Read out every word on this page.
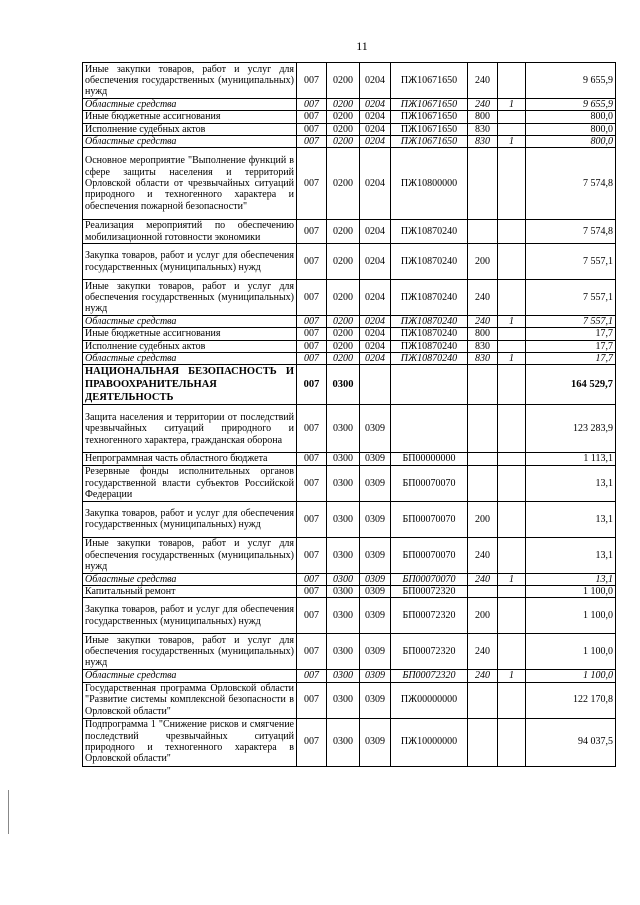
11
Иные закупки товаров, работ и услуг для обеспечения государственных (муниципальных) нужд	007	0200	0204	ПЖ10671650	240		9 655,9
Областные средства	007	0200	0204	ПЖ10671650	240	1	9 655,9
Иные бюджетные ассигнования	007	0200	0204	ПЖ10671650	800		800,0
Исполнение судебных актов	007	0200	0204	ПЖ10671650	830		800,0
Областные средства	007	0200	0204	ПЖ10671650	830	1	800,0
Основное мероприятие "Выполнение функций в сфере защиты населения и территорий Орловской области от чрезвычайных ситуаций природного и техногенного характера и обеспечения пожарной безопасности"	007	0200	0204	ПЖ10800000			7 574,8
Реализация мероприятий по обеспечению мобилизационной готовности экономики	007	0200	0204	ПЖ10870240			7 574,8
Закупка товаров, работ и услуг для обеспечения государственных (муниципальных) нужд	007	0200	0204	ПЖ10870240	200		7 557,1
Иные закупки товаров, работ и услуг для обеспечения государственных (муниципальных) нужд	007	0200	0204	ПЖ10870240	240		7 557,1
Областные средства	007	0200	0204	ПЖ10870240	240	1	7 557,1
Иные бюджетные ассигнования	007	0200	0204	ПЖ10870240	800		17,7
Исполнение судебных актов	007	0200	0204	ПЖ10870240	830		17,7
Областные средства	007	0200	0204	ПЖ10870240	830	1	17,7
НАЦИОНАЛЬНАЯ БЕЗОПАСНОСТЬ И ПРАВООХРАНИТЕЛЬНАЯ ДЕЯТЕЛЬНОСТЬ	007	0300					164 529,7
Защита населения и территории от последствий чрезвычайных ситуаций природного и техногенного характера, гражданская оборона	007	0300	0309				123 283,9
Непрограммная часть областного бюджета	007	0300	0309	БП00000000			1 113,1
Резервные фонды исполнительных органов государственной власти субъектов Российской Федерации	007	0300	0309	БП00070070			13,1
Закупка товаров, работ и услуг для обеспечения государственных (муниципальных) нужд	007	0300	0309	БП00070070	200		13,1
Иные закупки товаров, работ и услуг для обеспечения государственных (муниципальных) нужд	007	0300	0309	БП00070070	240		13,1
Областные средства	007	0300	0309	БП00070070	240	1	13,1
Капитальный ремонт	007	0300	0309	БП00072320			1 100,0
Закупка товаров, работ и услуг для обеспечения государственных (муниципальных) нужд	007	0300	0309	БП00072320	200		1 100,0
Иные закупки товаров, работ и услуг для обеспечения государственных (муниципальных) нужд	007	0300	0309	БП00072320	240		1 100,0
Областные средства	007	0300	0309	БП00072320	240	1	1 100,0
Государственная программа Орловской области "Развитие системы комплексной безопасности в Орловской области"	007	0300	0309	ПЖ00000000			122 170,8
Подпрограмма 1 "Снижение рисков и смягчение последствий чрезвычайных ситуаций природного и техногенного характера в Орловской области"	007	0300	0309	ПЖ10000000			94 037,5
